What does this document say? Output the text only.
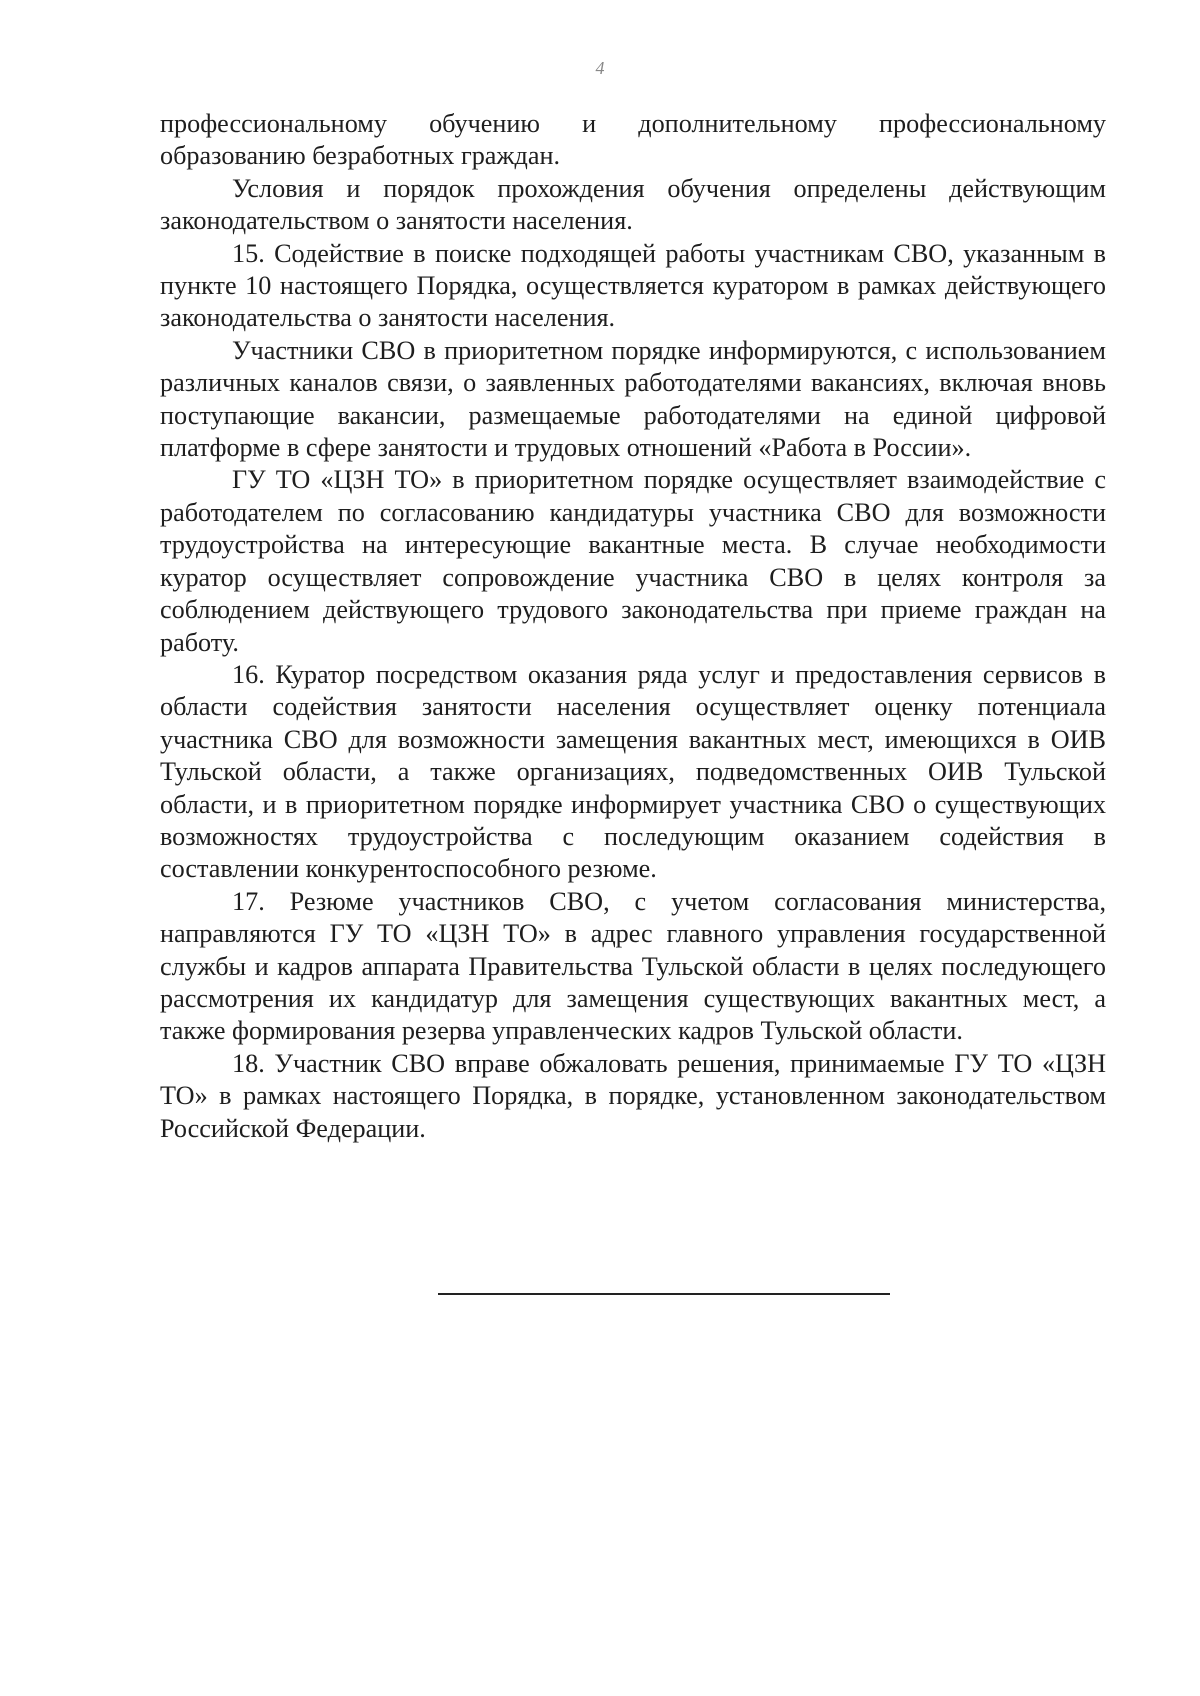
4

профессиональному обучению и дополнительному профессиональному образованию безработных граждан.

Условия и порядок прохождения обучения определены действующим законодательством о занятости населения.

15. Содействие в поиске подходящей работы участникам СВО, указанным в пункте 10 настоящего Порядка, осуществляется куратором в рамках действующего законодательства о занятости населения.

Участники СВО в приоритетном порядке информируются, с использованием различных каналов связи, о заявленных работодателями вакансиях, включая вновь поступающие вакансии, размещаемые работодателями на единой цифровой платформе в сфере занятости и трудовых отношений «Работа в России».

ГУ ТО «ЦЗН ТО» в приоритетном порядке осуществляет взаимодействие с работодателем по согласованию кандидатуры участника СВО для возможности трудоустройства на интересующие вакантные места. В случае необходимости куратор осуществляет сопровождение участника СВО в целях контроля за соблюдением действующего трудового законодательства при приеме граждан на работу.

16. Куратор посредством оказания ряда услуг и предоставления сервисов в области содействия занятости населения осуществляет оценку потенциала участника СВО для возможности замещения вакантных мест, имеющихся в ОИВ Тульской области, а также организациях, подведомственных ОИВ Тульской области, и в приоритетном порядке информирует участника СВО о существующих возможностях трудоустройства с последующим оказанием содействия в составлении конкурентоспособного резюме.

17. Резюме участников СВО, с учетом согласования министерства, направляются ГУ ТО «ЦЗН ТО» в адрес главного управления государственной службы и кадров аппарата Правительства Тульской области в целях последующего рассмотрения их кандидатур для замещения существующих вакантных мест, а также формирования резерва управленческих кадров Тульской области.

18. Участник СВО вправе обжаловать решения, принимаемые ГУ ТО «ЦЗН ТО» в рамках настоящего Порядка, в порядке, установленном законодательством Российской Федерации.
